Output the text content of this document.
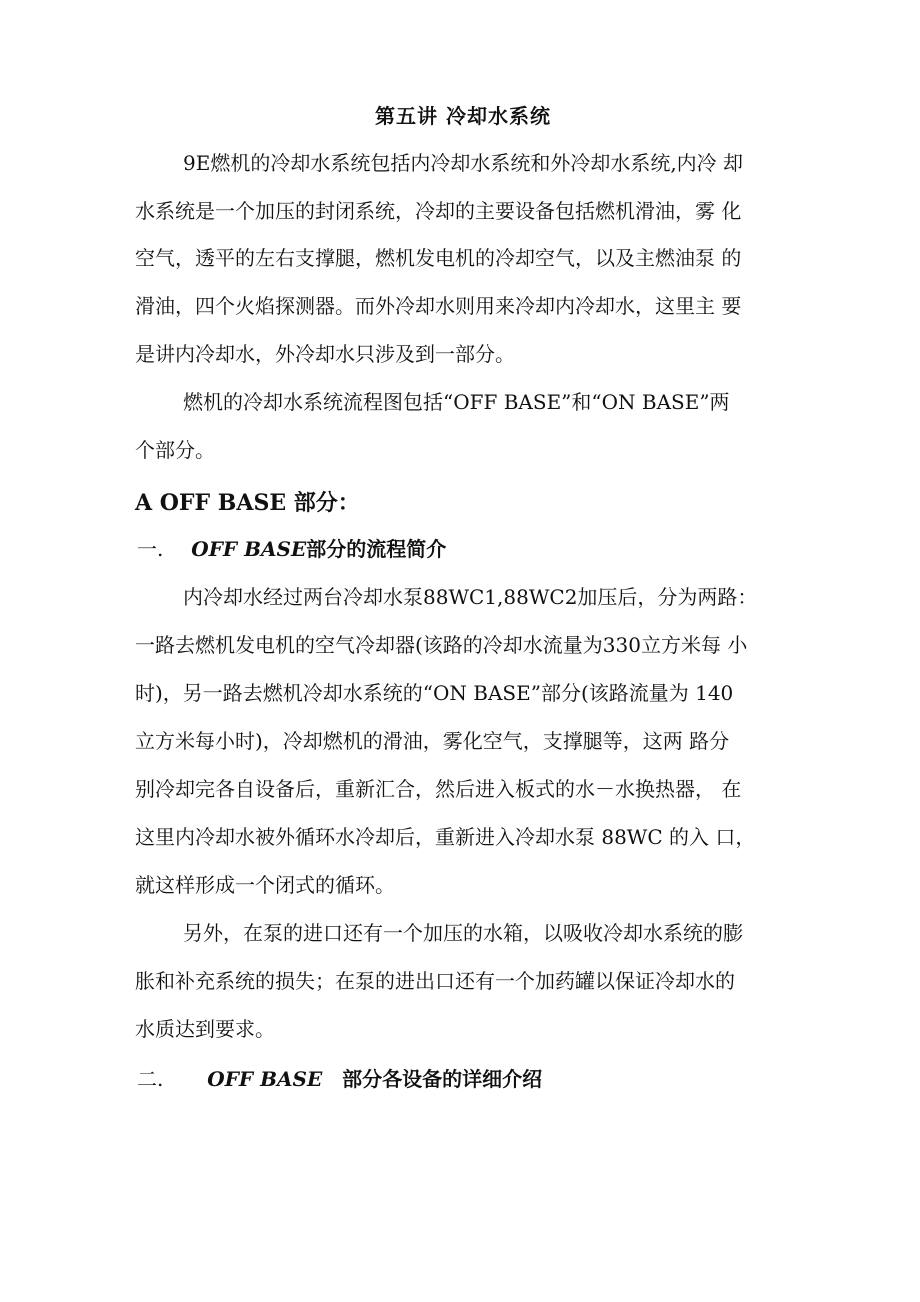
第五讲 冷却水系统
9E燃机的冷却水系统包括内冷却水系统和外冷却水系统,内冷 却
水系统是一个加压的封闭系统，冷却的主要设备包括燃机滑油，雾 化
空气，透平的左右支撑腿，燃机发电机的冷却空气，以及主燃油泵 的
滑油，四个火焰探测器。而外冷却水则用来冷却内冷却水，这里主 要
是讲内冷却水，外冷却水只涉及到一部分。
燃机的冷却水系统流程图包括“OFF BASE”和“ON BASE”两
个部分。
A OFF BASE 部分：
一. OFF BASE部分的流程简介
内冷却水经过两台冷却水泵88WC1,88WC2加压后，分为两路：
一路去燃机发电机的空气冷却器(该路的冷却水流量为330立方米每 小
时)，另一路去燃机冷却水系统的“ON BASE”部分(该路流量为 140
立方米每小时)，冷却燃机的滑油，雾化空气，支撑腿等，这两 路分
别冷却完各自设备后，重新汇合，然后进入板式的水－水换热器， 在
这里内冷却水被外循环水冷却后，重新进入冷却水泵 88WC 的入 口，
就这样形成一个闭式的循环。
另外，在泵的进口还有一个加压的水箱，以吸收冷却水系统的膨
胀和补充系统的损失；在泵的进出口还有一个加药罐以保证冷却水的
水质达到要求。
二. OFF BASE 部分各设备的详细介绍
